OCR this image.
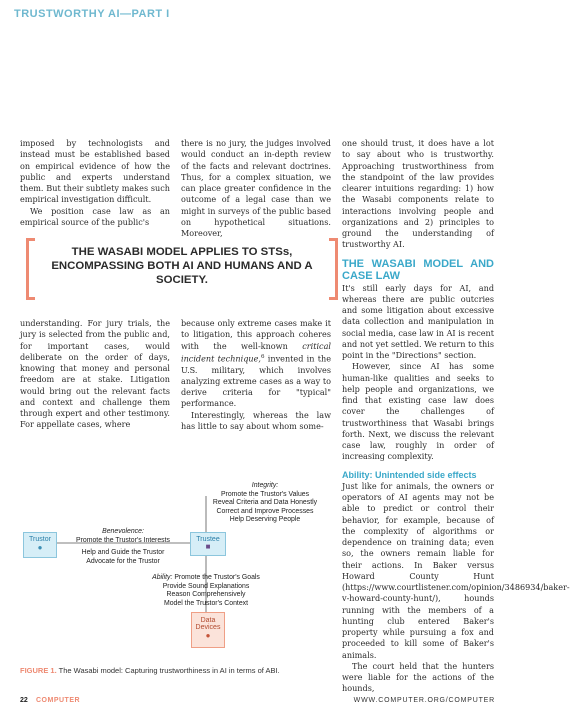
TRUSTWORTHY AI—PART I

imposed by technologists and instead must be established based on empirical evidence of how the public and experts understand them. But their subtlety makes such empirical investigation difficult.

We position case law as an empirical source of the public's

there is no jury, the judges involved would conduct an in-depth review of the facts and relevant doctrines. Thus, for a complex situation, we can place greater confidence in the outcome of a legal case than we might in surveys of the public based on hypothetical situations. Moreover,

THE WASABI MODEL APPLIES TO STSs, ENCOMPASSING BOTH AI AND HUMANS AND A SOCIETY.

understanding. For jury trials, the jury is selected from the public and, for important cases, would deliberate on the order of days, knowing that money and personal freedom are at stake. Litigation would bring out the relevant facts and context and challenge them through expert and other testimony. For appellate cases, where

because only extreme cases make it to litigation, this approach coheres with the well-known critical incident technique,$^6$ invented in the U.S. military, which involves analyzing extreme cases as a way to derive criteria for "typical" performance.

Interestingly, whereas the law has little to say about whom some-

one should trust, it does have a lot to say about who is trustworthy. Approaching trustworthiness from the standpoint of the law provides clearer intuitions regarding: 1) how the Wasabi components relate to interactions involving people and organizations and 2) principles to ground the understanding of trustworthy AI.

THE WASABI MODEL AND CASE LAW

It's still early days for AI, and whereas there are public outcries and some litigation about excessive data collection and manipulation in social media, case law in AI is recent and not yet settled. We return to this point in the "Directions" section.

However, since AI has some human-like qualities and seeks to help people and organizations, we find that existing case law does cover the challenges of trustworthiness that Wasabi brings forth. Next, we discuss the relevant case law, roughly in order of increasing complexity.

Ability: Unintended side effects

Just like for animals, the owners or operators of AI agents may not be able to predict or control their behavior, for example, because of the complexity of algorithms or dependence on training data; even so, the owners remain liable for their actions. In Baker versus Howard County Hunt (https://www.courtlistener.com/opinion/3486934/baker-v-howard-county-hunt/), hounds running with the members of a hunting club entered Baker's property while pursuing a fox and proceeded to kill some of Baker's animals.

The court held that the hunters were liable for the actions of the hounds,

Integrity:
Promote the Trustor's Values
Reveal Criteria and Data Honestly
Correct and Improve Processes
Help Deserving People
Benevolence:
Promote the Trustor's Interests
Help and Guide the Trustor
Advocate for the Trustor
Ability: Promote the Trustor's Goals
Provide Sound Explanations
Reason Comprehensively
Model the Trustor's Context
Trustor
●
Trustee
■
Data
Devices
●
FIGURE 1. The Wasabi model: Capturing trustworthiness in AI in terms of ABI.
22 COMPUTER	WWW.COMPUTER.ORG/COMPUTER
